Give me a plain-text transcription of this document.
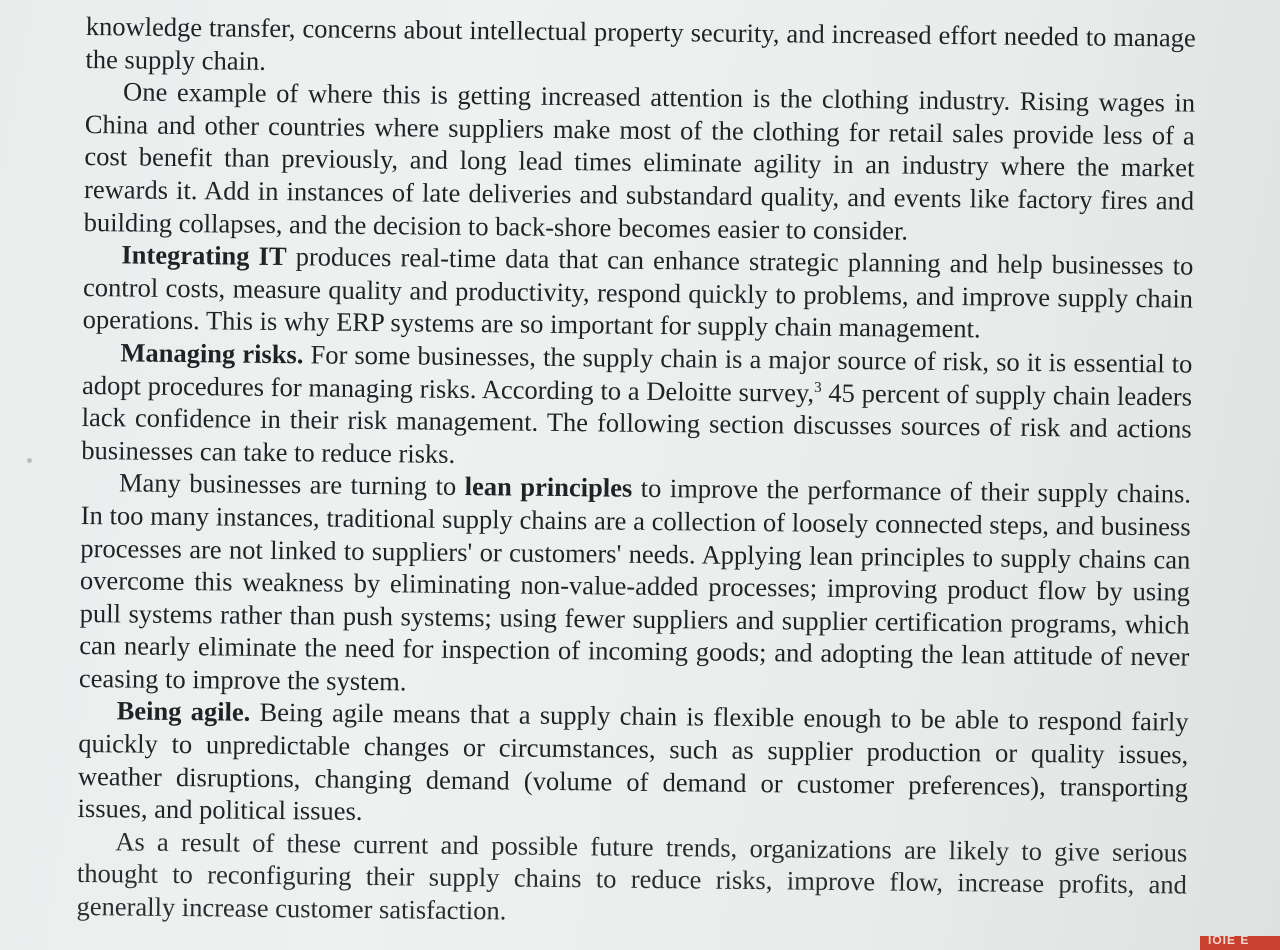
knowledge transfer, concerns about intellectual property security, and increased effort needed to manage the supply chain.

One example of where this is getting increased attention is the clothing industry. Rising wages in China and other countries where suppliers make most of the clothing for retail sales provide less of a cost benefit than previously, and long lead times eliminate agility in an industry where the market rewards it. Add in instances of late deliveries and substandard quality, and events like factory fires and building collapses, and the decision to back-shore becomes easier to consider.

Integrating IT produces real-time data that can enhance strategic planning and help businesses to control costs, measure quality and productivity, respond quickly to problems, and improve supply chain operations. This is why ERP systems are so important for supply chain management.

Managing risks. For some businesses, the supply chain is a major source of risk, so it is essential to adopt procedures for managing risks. According to a Deloitte survey,$^3$ 45 percent of supply chain leaders lack confidence in their risk management. The following section discusses sources of risk and actions businesses can take to reduce risks.

Many businesses are turning to lean principles to improve the performance of their supply chains. In too many instances, traditional supply chains are a collection of loosely connected steps, and business processes are not linked to suppliers' or customers' needs. Applying lean principles to supply chains can overcome this weakness by eliminating non-value-added processes; improving product flow by using pull systems rather than push systems; using fewer suppliers and supplier certification programs, which can nearly eliminate the need for inspection of incoming goods; and adopting the lean attitude of never ceasing to improve the system.

Being agile. Being agile means that a supply chain is flexible enough to be able to respond fairly quickly to unpredictable changes or circumstances, such as supplier production or quality issues, weather disruptions, changing demand (volume of demand or customer preferences), transporting issues, and political issues.

As a result of these current and possible future trends, organizations are likely to give serious thought to reconfiguring their supply chains to reduce risks, improve flow, increase profits, and generally increase customer satisfaction.

IOIE E
